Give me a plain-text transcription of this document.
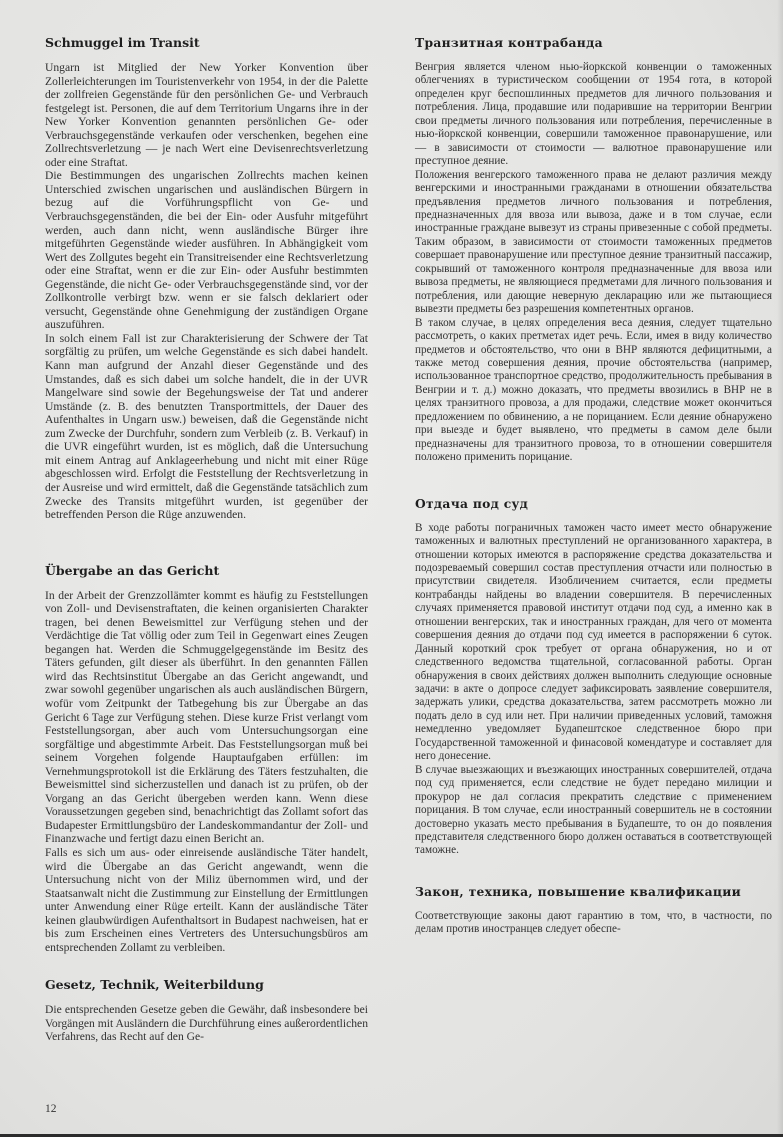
Schmuggel im Transit

Ungarn ist Mitglied der New Yorker Konvention über Zollerleichterungen im Touristenverkehr von 1954, in der die Palette der zollfreien Gegenstände für den persönlichen Ge- und Verbrauch festgelegt ist. Personen, die auf dem Territorium Ungarns ihre in der New Yorker Konvention genannten persönlichen Ge- oder Verbrauchsgegenstände verkaufen oder verschenken, begehen eine Zollrechtsverletzung — je nach Wert eine Devisenrechtsverletzung oder eine Straftat.

Die Bestimmungen des ungarischen Zollrechts machen keinen Unterschied zwischen ungarischen und ausländischen Bürgern in bezug auf die Vorführungspflicht von Ge- und Verbrauchsgegenständen, die bei der Ein- oder Ausfuhr mitgeführt werden, auch dann nicht, wenn ausländische Bürger ihre mitgeführten Gegenstände wieder ausführen. In Abhängigkeit vom Wert des Zollgutes begeht ein Transitreisender eine Rechtsverletzung oder eine Straftat, wenn er die zur Ein- oder Ausfuhr bestimmten Gegenstände, die nicht Ge- oder Verbrauchsgegenstände sind, vor der Zollkontrolle verbirgt bzw. wenn er sie falsch deklariert oder versucht, Gegenstände ohne Genehmigung der zuständigen Organe auszuführen.

In solch einem Fall ist zur Charakterisierung der Schwere der Tat sorgfältig zu prüfen, um welche Gegenstände es sich dabei handelt. Kann man aufgrund der Anzahl dieser Gegenstände und des Umstandes, daß es sich dabei um solche handelt, die in der UVR Mangelware sind sowie der Begehungsweise der Tat und anderer Umstände (z. B. des benutzten Transportmittels, der Dauer des Aufenthaltes in Ungarn usw.) beweisen, daß die Gegenstände nicht zum Zwecke der Durchfuhr, sondern zum Verbleib (z. B. Verkauf) in die UVR eingeführt wurden, ist es möglich, daß die Untersuchung mit einem Antrag auf Anklageerhebung und nicht mit einer Rüge abgeschlossen wird. Erfolgt die Feststellung der Rechtsverletzung in der Ausreise und wird ermittelt, daß die Gegenstände tatsächlich zum Zwecke des Transits mitgeführt wurden, ist gegenüber der betreffenden Person die Rüge anzuwenden.

Übergabe an das Gericht

In der Arbeit der Grenzzollämter kommt es häufig zu Feststellungen von Zoll- und Devisenstraftaten, die keinen organisierten Charakter tragen, bei denen Beweismittel zur Verfügung stehen und der Verdächtige die Tat völlig oder zum Teil in Gegenwart eines Zeugen begangen hat. Werden die Schmuggelgegenstände im Besitz des Täters gefunden, gilt dieser als überführt. In den genannten Fällen wird das Rechtsinstitut Übergabe an das Gericht angewandt, und zwar sowohl gegenüber ungarischen als auch ausländischen Bürgern, wofür vom Zeitpunkt der Tatbegehung bis zur Übergabe an das Gericht 6 Tage zur Verfügung stehen. Diese kurze Frist verlangt vom Feststellungsorgan, aber auch vom Untersuchungsorgan eine sorgfältige und abgestimmte Arbeit. Das Feststellungsorgan muß bei seinem Vorgehen folgende Hauptaufgaben erfüllen: im Vernehmungsprotokoll ist die Erklärung des Täters festzuhalten, die Beweismittel sind sicherzustellen und danach ist zu prüfen, ob der Vorgang an das Gericht übergeben werden kann. Wenn diese Voraussetzungen gegeben sind, benachrichtigt das Zollamt sofort das Budapester Ermittlungsbüro der Landeskommandantur der Zoll- und Finanzwache und fertigt dazu einen Bericht an.

Falls es sich um aus- oder einreisende ausländische Täter handelt, wird die Übergabe an das Gericht angewandt, wenn die Untersuchung nicht von der Miliz übernommen wird, und der Staatsanwalt nicht die Zustimmung zur Einstellung der Ermittlungen unter Anwendung einer Rüge erteilt. Kann der ausländische Täter keinen glaubwürdigen Aufenthaltsort in Budapest nachweisen, hat er bis zum Erscheinen eines Vertreters des Untersuchungsbüros am entsprechenden Zollamt zu verbleiben.

Gesetz, Technik, Weiterbildung

Die entsprechenden Gesetze geben die Gewähr, daß insbesondere bei Vorgängen mit Ausländern die Durchführung eines außerordentlichen Verfahrens, das Recht auf den Ge-

Транзитная контрабанда

Венгрия является членом нью-йоркской конвенции о таможенных облегчениях в туристическом сообщении от 1954 гота, в которой определен круг беспошлинных предметов для личного пользования и потребления. Лица, продавшие или подарившие на территории Венгрии свои предметы личного пользования или потребления, перечисленные в нью-йоркской конвенции, совершили таможенное правонарушение, или — в зависимости от стоимости — валютное правонарушение или преступное деяние.

Положения венгерского таможенного права не делают различия между венгерскими и иностранными гражданами в отношении обязательства предъявления предметов личного пользования и потребления, предназначенных для ввоза или вывоза, даже и в том случае, если иностранные граждане вывезут из страны привезенные с собой предметы. Таким образом, в зависимости от стоимости таможенных предметов совершает правонарушение или преступное деяние транзитный пассажир, сокрывший от таможенного контроля предназначенные для ввоза или вывоза предметы, не являющиеся предметами для личного пользования и потребления, или дающие неверную декларацию или же пытающиеся вывезти предметы без разрешения компетентных органов.

В таком случае, в целях определения веса деяния, следует тщательно рассмотреть, о каких претметах идет речь. Если, имея в виду количество предметов и обстоятельство, что они в ВНР являются дефицитными, а также метод совершения деяния, прочие обстоятельства (например, использованное транспортное средство, продолжительность пребывания в Венгрии и т. д.) можно доказать, что предметы ввозились в ВНР не в целях транзитного провоза, а для продажи, следствие может окончиться предложением по обвинению, а не порицанием. Если деяние обнаружено при выезде и будет выявлено, что предметы в самом деле были предназначены для транзитного провоза, то в отношении совершителя положено применить порицание.

Отдача под суд

В ходе работы пограничных таможен часто имеет место обнаружение таможенных и валютных преступлений не организованного характера, в отношении которых имеются в распоряжение средства доказательства и подозреваемый совершил состав преступления отчасти или полностью в присутствии свидетеля. Изобличением считается, если предметы контрабанды найдены во владении совершителя. В перечисленных случаях применяется правовой институт отдачи под суд, а именно как в отношении венгерских, так и иностранных граждан, для чего от момента совершения деяния до отдачи под суд имеется в распоряжении 6 суток. Данный короткий срок требует от органа обнаружения, но и от следственного ведомства тщательной, согласованной работы. Орган обнаружения в своих действиях должен выполнить следующие основные задачи: в акте о допросе следует зафиксировать заявление совершителя, задержать улики, средства доказательства, затем рассмотреть можно ли подать дело в суд или нет. При наличии приведенных условий, таможня немедленно уведомляет Будапештское следственное бюро при Государственной таможенной и финасовой комендатуре и составляет для него донесение.

В случае выезжающих и въезжающих иностранных совершителей, отдача под суд применяется, если следствие не будет передано милиции и прокурор не дал согласия прекратить следствие с применением порицания. В том случае, если иностранный совершитель не в состоянии достоверно указать место пребывания в Будапеште, то он до появления представителя следственного бюро должен оставаться в соответствующей таможне.

Закон, техника, повышение квалификации

Соответствующие законы дают гарантию в том, что, в частности, по делам против иностранцев следует обеспе-

12
